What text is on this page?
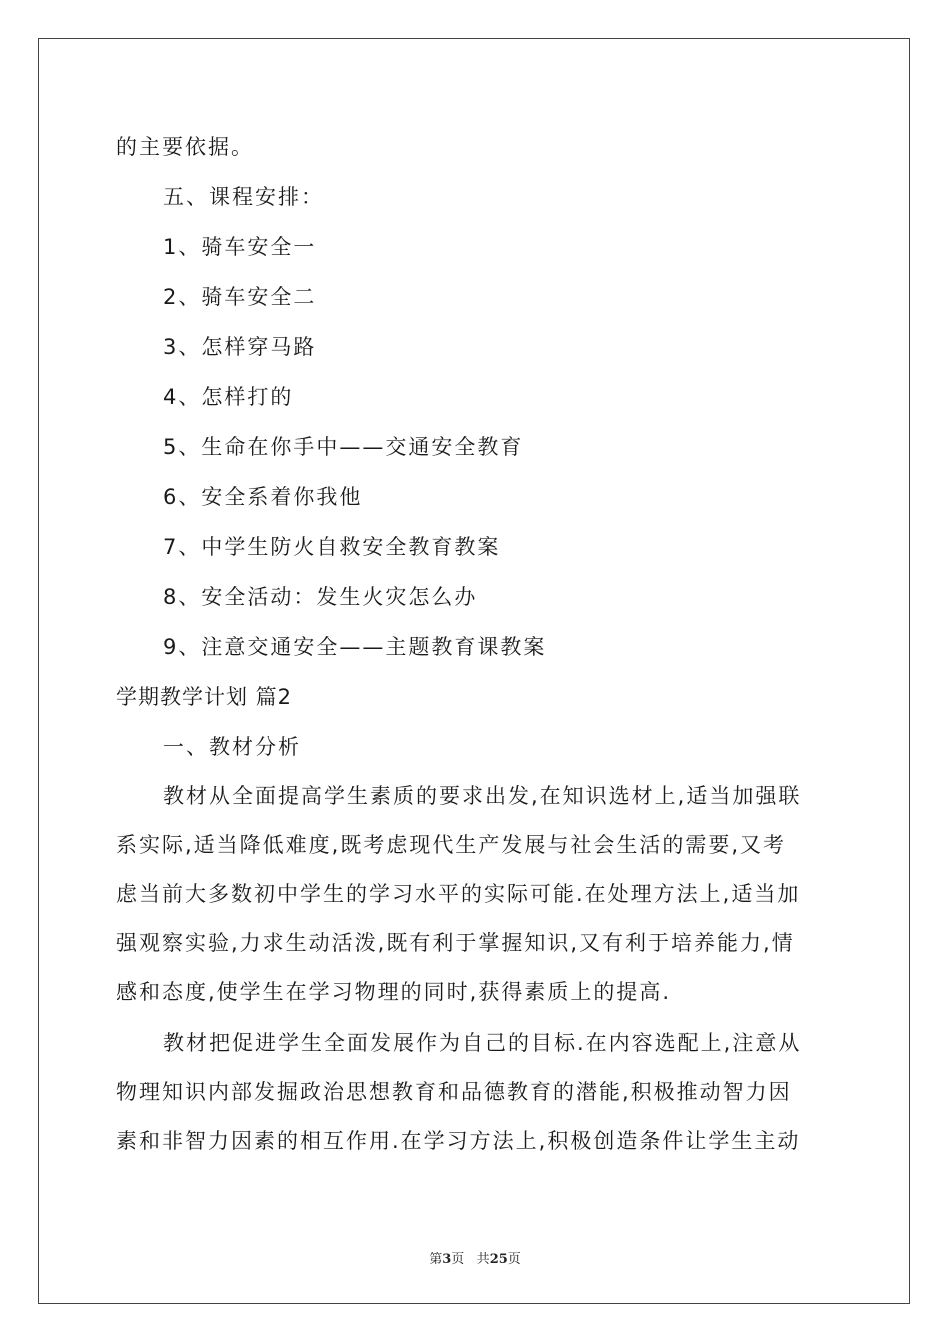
的主要依据。
五、课程安排：
1、骑车安全一
2、骑车安全二
3、怎样穿马路
4、怎样打的
5、生命在你手中——交通安全教育
6、安全系着你我他
7、中学生防火自救安全教育教案
8、安全活动：发生火灾怎么办
9、注意交通安全——主题教育课教案
学期教学计划 篇2
一、教材分析
教材从全面提高学生素质的要求出发,在知识选材上,适当加强联
系实际,适当降低难度,既考虑现代生产发展与社会生活的需要,又考
虑当前大多数初中学生的学习水平的实际可能.在处理方法上,适当加
强观察实验,力求生动活泼,既有利于掌握知识,又有利于培养能力,情
感和态度,使学生在学习物理的同时,获得素质上的提高.
教材把促进学生全面发展作为自己的目标.在内容选配上,注意从
物理知识内部发掘政治思想教育和品德教育的潜能,积极推动智力因
素和非智力因素的相互作用.在学习方法上,积极创造条件让学生主动
第3页 共25页
